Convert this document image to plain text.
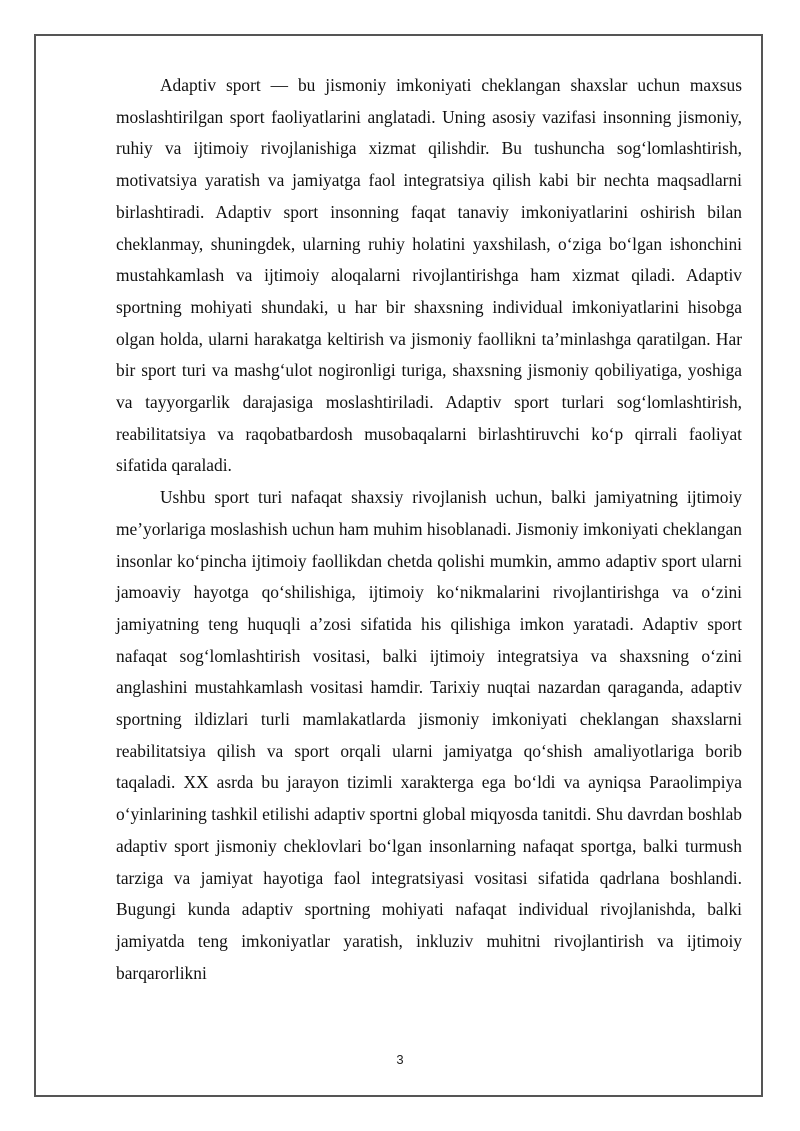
Adaptiv sport — bu jismoniy imkoniyati cheklangan shaxslar uchun maxsus moslashtirilgan sport faoliyatlarini anglatadi. Uning asosiy vazifasi insonning jismoniy, ruhiy va ijtimoiy rivojlanishiga xizmat qilishdir. Bu tushuncha sog‘lomlashtirish, motivatsiya yaratish va jamiyatga faol integratsiya qilish kabi bir nechta maqsadlarni birlashtiradi. Adaptiv sport insonning faqat tanaviy imkoniyatlarini oshirish bilan cheklanmay, shuningdek, ularning ruhiy holatini yaxshilash, o‘ziga bo‘lgan ishonchini mustahkamlash va ijtimoiy aloqalarni rivojlantirishga ham xizmat qiladi. Adaptiv sportning mohiyati shundaki, u har bir shaxsning individual imkoniyatlarini hisobga olgan holda, ularni harakatga keltirish va jismoniy faollikni ta’minlashga qaratilgan. Har bir sport turi va mashg‘ulot nogironligi turiga, shaxsning jismoniy qobiliyatiga, yoshiga va tayyorgarlik darajasiga moslashtiriladi. Adaptiv sport turlari sog‘lomlashtirish, reabilitatsiya va raqobatbardosh musobaqalarni birlashtiruvchi ko‘p qirrali faoliyat sifatida qaraladi.

Ushbu sport turi nafaqat shaxsiy rivojlanish uchun, balki jamiyatning ijtimoiy me’yorlariga moslashish uchun ham muhim hisoblanadi. Jismoniy imkoniyati cheklangan insonlar ko‘pincha ijtimoiy faollikdan chetda qolishi mumkin, ammo adaptiv sport ularni jamoaviy hayotga qo‘shilishiga, ijtimoiy ko‘nikmalarini rivojlantirishga va o‘zini jamiyatning teng huquqli a’zosi sifatida his qilishiga imkon yaratadi. Adaptiv sport nafaqat sog‘lomlashtirish vositasi, balki ijtimoiy integratsiya va shaxsning o‘zini anglashini mustahkamlash vositasi hamdir. Tarixiy nuqtai nazardan qaraganda, adaptiv sportning ildizlari turli mamlakatlarda jismoniy imkoniyati cheklangan shaxslarni reabilitatsiya qilish va sport orqali ularni jamiyatga qo‘shish amaliyotlariga borib taqaladi. XX asrda bu jarayon tizimli xarakterga ega bo‘ldi va ayniqsa Paraolimpiya o‘yinlarining tashkil etilishi adaptiv sportni global miqyosda tanitdi. Shu davrdan boshlab adaptiv sport jismoniy cheklovlari bo‘lgan insonlarning nafaqat sportga, balki turmush tarziga va jamiyat hayotiga faol integratsiyasi vositasi sifatida qadrlana boshlandi. Bugungi kunda adaptiv sportning mohiyati nafaqat individual rivojlanishda, balki jamiyatda teng imkoniyatlar yaratish, inkluziv muhitni rivojlantirish va ijtimoiy barqarorlikni

3
